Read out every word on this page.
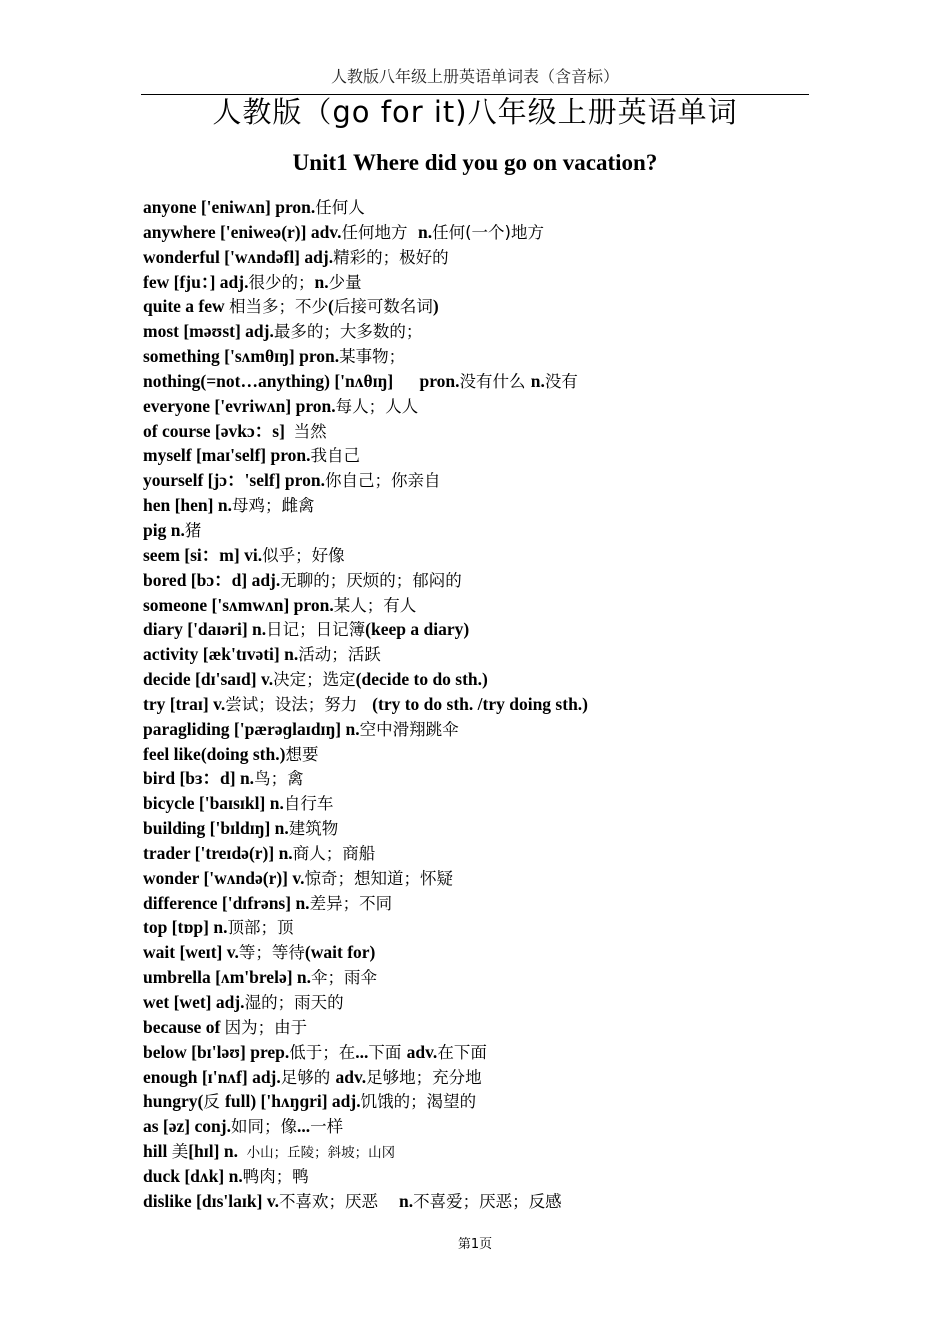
人教版八年级上册英语单词表（含音标）
人教版（go for it)八年级上册英语单词
Unit1 Where did you go on vacation?
anyone ['eniwʌn] pron.任何人
anywhere ['eniweə(r)] adv.任何地方  n.任何(一个)地方
wonderful ['wʌndəfl] adj.精彩的；极好的
few [fju：] adj.很少的；n.少量
quite a few 相当多；不少(后接可数名词)
most [məʊst] adj.最多的；大多数的；
something ['sʌmθɪŋ] pron.某事物；
nothing(=not…anything) ['nʌθɪŋ]      pron.没有什么 n.没有
everyone ['evriwʌn] pron.每人；人人
of course [əvkɔ：s]  当然
myself [maɪ'self] pron.我自己
yourself [jɔ：'self] pron.你自己；你亲自
hen [hen] n.母鸡；雌禽
pig n.猪
seem [si：m] vi.似乎；好像
bored [bɔ：d] adj.无聊的；厌烦的；郁闷的
someone ['sʌmwʌn] pron.某人；有人
diary ['daɪəri] n.日记；日记簿(keep a diary)
activity [æk'tɪvəti] n.活动；活跃
decide [dɪ'saɪd] v.决定；选定(decide to do sth.)
try [traɪ] v.尝试；设法；努力   (try to do sth. /try doing sth.)
paragliding ['pærəɡlaɪdɪŋ] n.空中滑翔跳伞
feel like(doing sth.)想要
bird [bɜ：d] n.鸟；禽
bicycle ['baɪsɪkl] n.自行车
building ['bɪldɪŋ] n.建筑物
trader ['treɪdə(r)] n.商人；商船
wonder ['wʌndə(r)] v.惊奇；想知道；怀疑
difference ['dɪfrəns] n.差异；不同
top [tɒp] n.顶部；顶
wait [weɪt] v.等；等待(wait for)
umbrella [ʌm'brelə] n.伞；雨伞
wet [wet] adj.湿的；雨天的
because of 因为；由于
below [bɪ'ləʊ] prep.低于；在...下面 adv.在下面
enough [ɪ'nʌf] adj.足够的 adv.足够地；充分地
hungry(反 full) ['hʌŋɡri] adj.饥饿的；渴望的
as [əz] conj.如同；像...一样
hill 美[hɪl] n.  小山；丘陵；斜坡；山冈
duck [dʌk] n.鸭肉；鸭
dislike [dɪs'laɪk] v.不喜欢；厌恶    n.不喜爱；厌恶；反感
第1页
